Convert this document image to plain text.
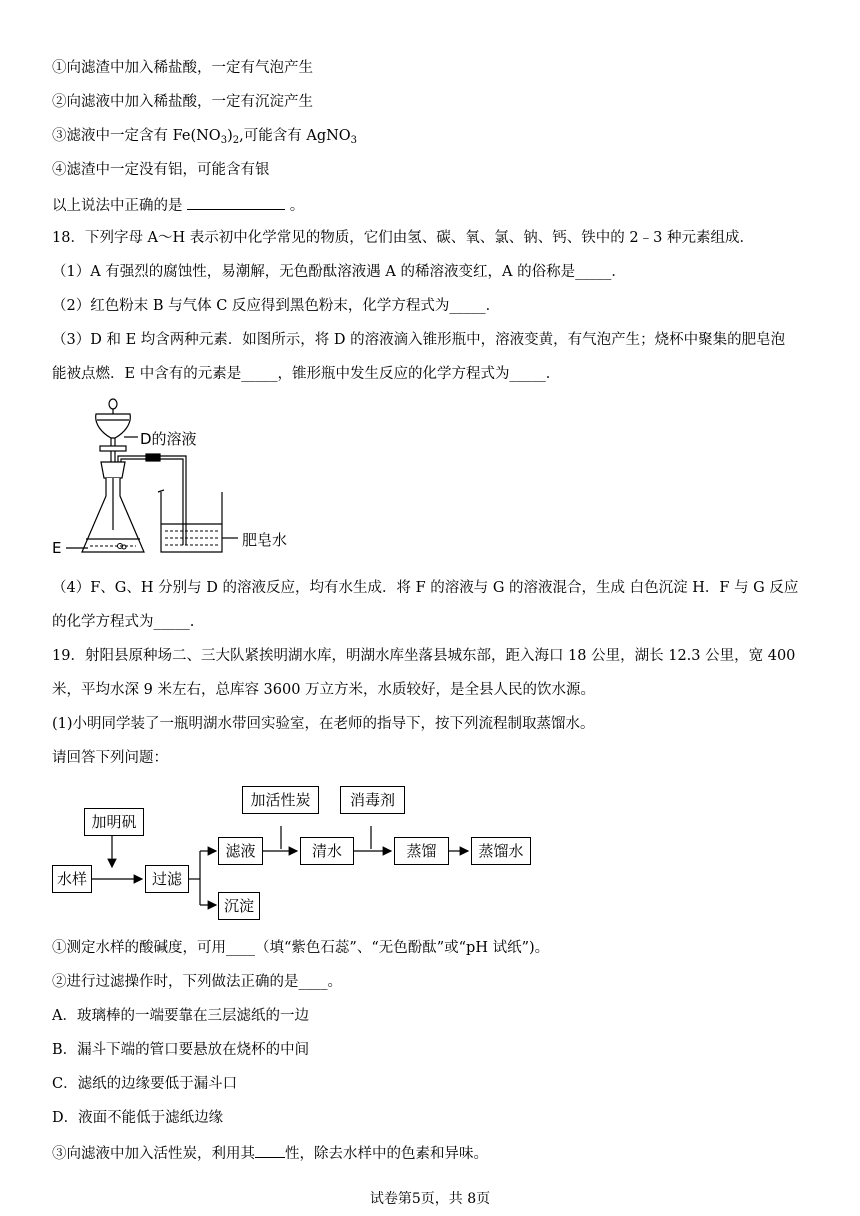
①向滤渣中加入稀盐酸，一定有气泡产生
②向滤液中加入稀盐酸，一定有沉淀产生
③滤液中一定含有 $Fe(NO_3)_2$,可能含有 AgNO$_3$
④滤渣中一定没有铝，可能含有银
以上说法中正确的是	。
18．下列字母 A～H 表示初中化学常见的物质，它们由氢、碳、氧、氯、钠、钙、铁中的 2﹣3 种元素组成．
（1）A 有强烈的腐蚀性，易潮解，无色酚酞溶液遇 A 的稀溶液变红，A 的俗称是_____．
（2）红色粉末 B 与气体 C 反应得到黑色粉末，化学方程式为_____．
（3）D 和 E 均含两种元素．如图所示，将 D 的溶液滴入锥形瓶中，溶液变黄，有气泡产生；烧杯中聚集的肥皂泡
能被点燃．E 中含有的元素是_____，锥形瓶中发生反应的化学方程式为_____．
D的溶液
E	肥皂水
（4）F、G、H 分别与 D 的溶液反应，均有水生成．将 F 的溶液与 G 的溶液混合，生成 白色沉淀 H．F 与 G 反应
的化学方程式为_____.
19．射阳县原种场二、三大队紧挨明湖水库，明湖水库坐落县城东部，距入海口 18 公里，湖长 12.3 公里，宽 400
米，平均水深 9 米左右，总库容 3600 万立方米，水质较好，是全县人民的饮水源。
(1)小明同学装了一瓶明湖水带回实验室，在老师的指导下，按下列流程制取蒸馏水。
请回答下列问题：
加明矾
加活性炭	消毒剂
水样	过滤
滤液	清水	蒸馏	蒸馏水
沉淀
①测定水样的酸碱度，可用____（填“紫色石蕊”、“无色酚酞”或“pH 试纸”)。
②进行过滤操作时，下列做法正确的是____。
A．玻璃棒的一端要靠在三层滤纸的一边
B．漏斗下端的管口要悬放在烧杯的中间
C．滤纸的边缘要低于漏斗口
D．液面不能低于滤纸边缘
③向滤液中加入活性炭，利用其 性，除去水样中的色素和异味。
试卷第5页，共 8页
